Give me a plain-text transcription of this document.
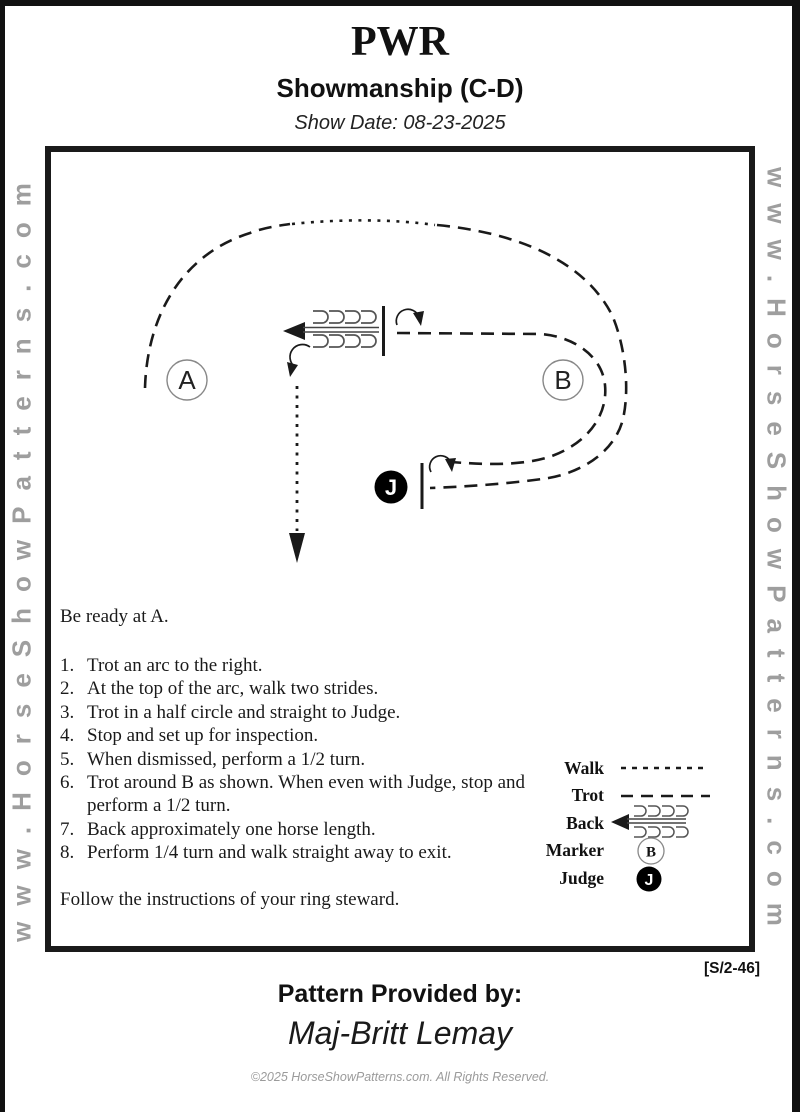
PWR
Showmanship (C-D)
Show Date: 08-23-2025
www.HorseShowPatterns.com	www.HorseShowPatterns.com
A	B
J
Walk
Trot
Back
Marker	B
Judge	J

Be ready at A.

1. Trot an arc to the right.
2. At the top of the arc, walk two strides.
3. Trot in a half circle and straight to Judge.
4. Stop and set up for inspection.
5. When dismissed, perform a 1/2 turn.
6. Trot around B as shown. When even with Judge, stop and perform a 1/2 turn.
7. Back approximately one horse length.
8. Perform 1/4 turn and walk straight away to exit.

Follow the instructions of your ring steward.

[S/2-46]
Pattern Provided by:
Maj-Britt Lemay
©2025 HorseShowPatterns.com. All Rights Reserved.
